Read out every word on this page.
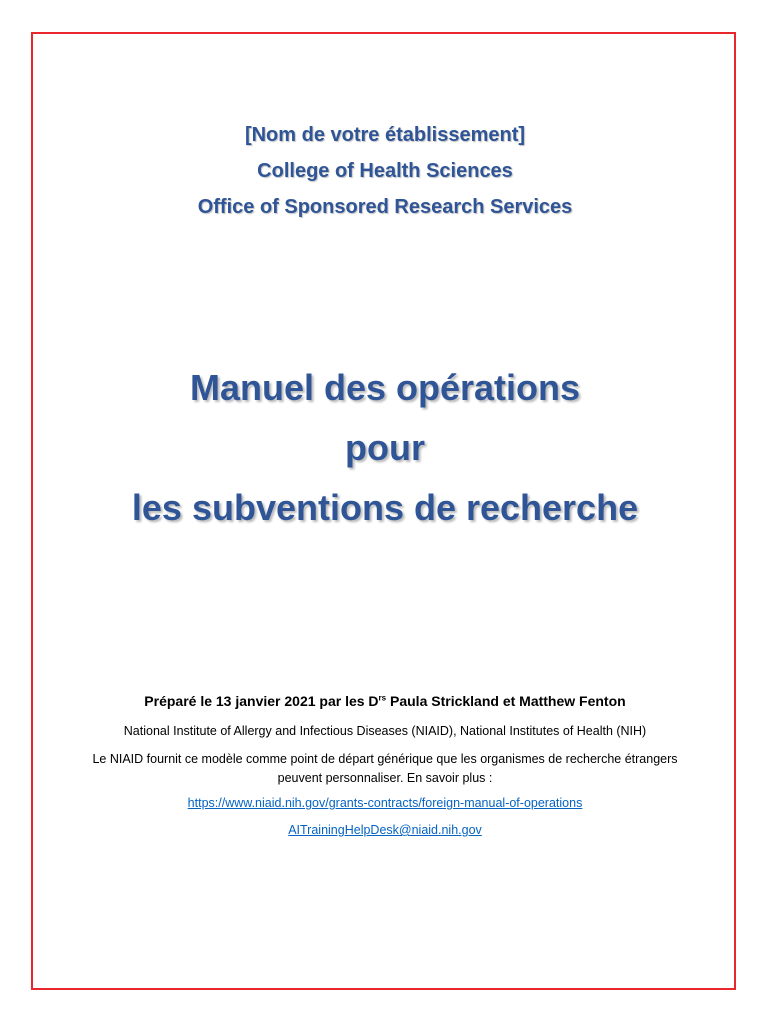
[Nom de votre établissement]
College of Health Sciences
Office of Sponsored Research Services
Manuel des opérations
pour
les subventions de recherche
Préparé le 13 janvier 2021 par les $D^{rs}$ Paula Strickland et Matthew Fenton
National Institute of Allergy and Infectious Diseases (NIAID), National Institutes of Health (NIH)
Le NIAID fournit ce modèle comme point de départ générique que les organismes de recherche étrangers peuvent personnaliser. En savoir plus :
https://www.niaid.nih.gov/grants-contracts/foreign-manual-of-operations
AITrainingHelpDesk@niaid.nih.gov
